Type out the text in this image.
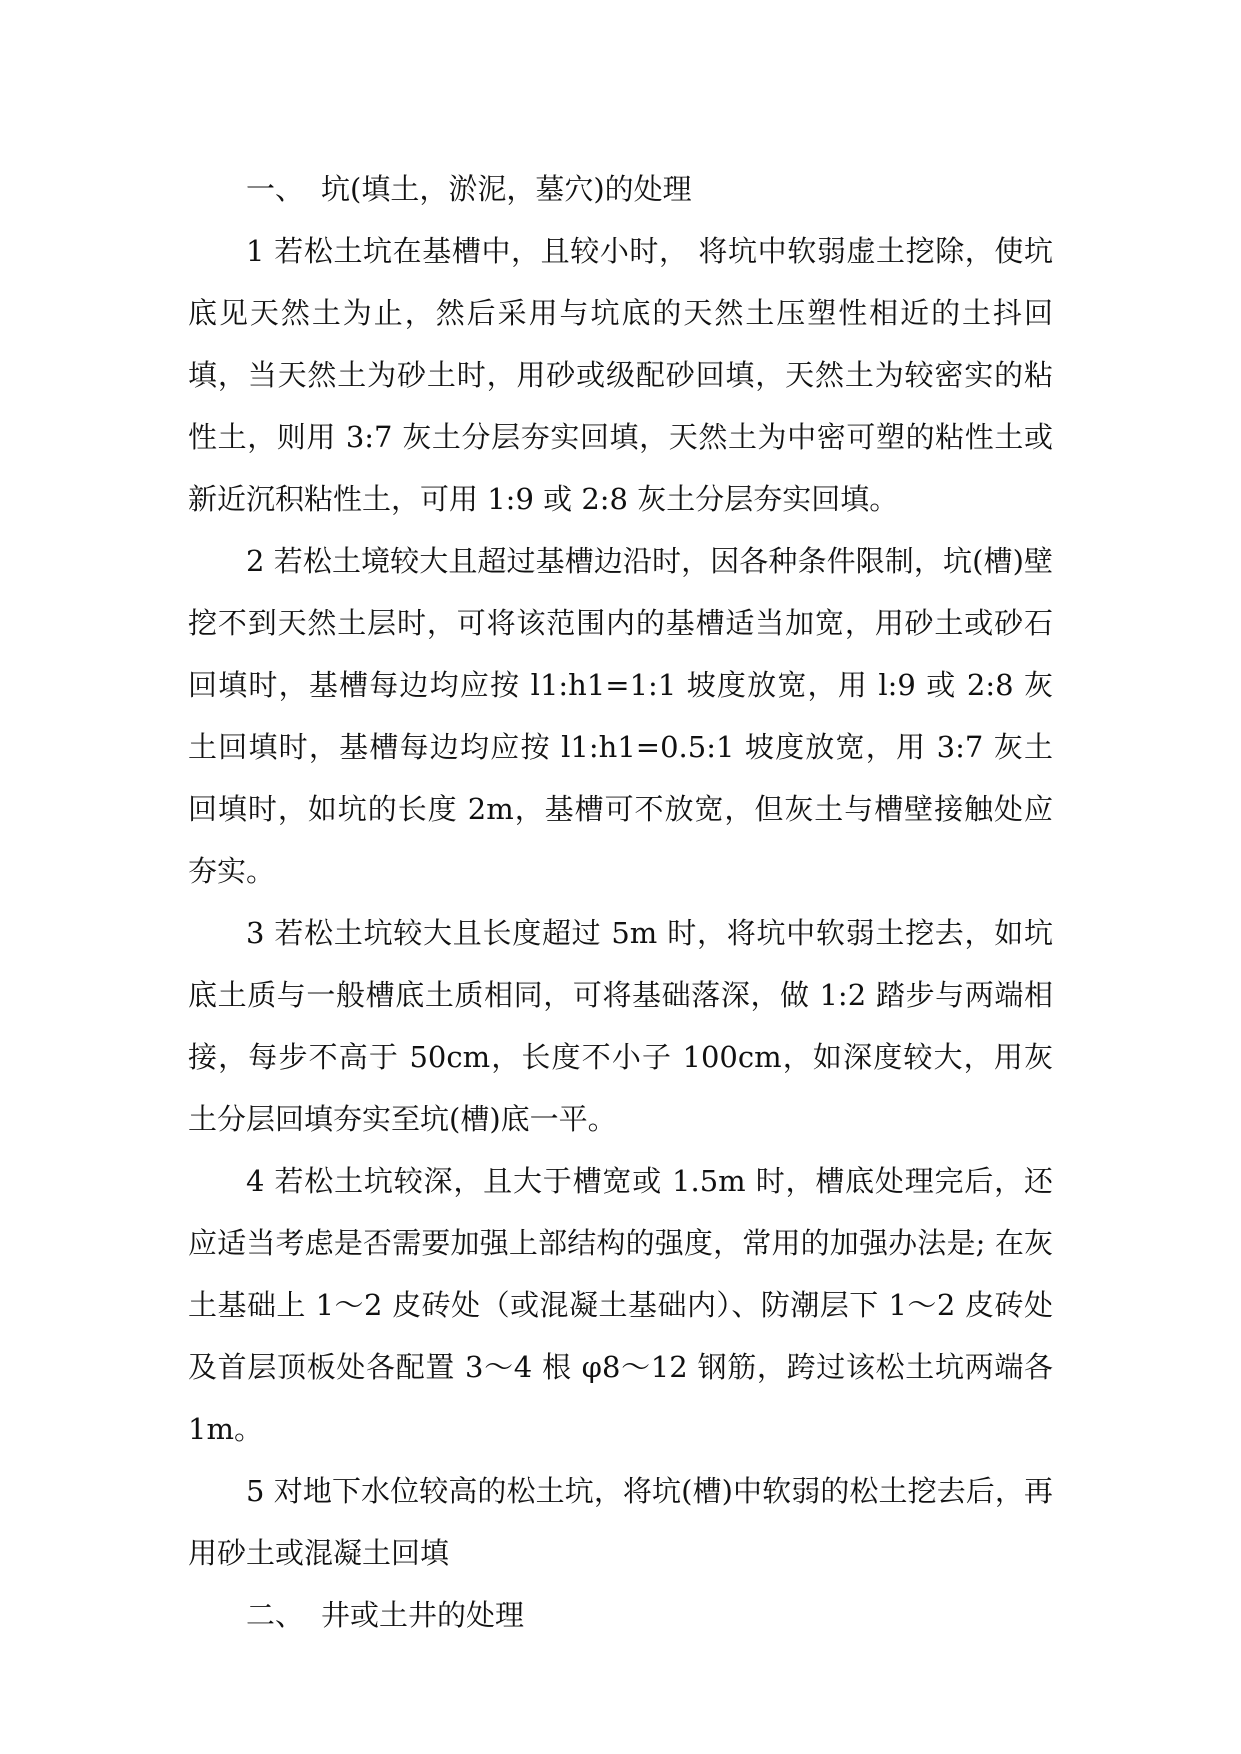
一、 坑(填土，淤泥，墓穴)的处理

1 若松土坑在基槽中，且较小时， 将坑中软弱虚土挖除，使坑底见天然土为止，然后采用与坑底的天然土压塑性相近的土抖回填，当天然土为砂土时，用砂或级配砂回填，天然土为较密实的粘性土，则用 3:7 灰土分层夯实回填，天然土为中密可塑的粘性土或新近沉积粘性土，可用 1:9 或 2:8 灰土分层夯实回填。

2 若松土境较大且超过基槽边沿时，因各种条件限制，坑(槽)壁挖不到天然土层时，可将该范围内的基槽适当加宽，用砂土或砂石回填时，基槽每边均应按 l1:h1=1:1 坡度放宽，用 l:9 或 2:8 灰土回填时，基槽每边均应按 l1:h1=0.5:1 坡度放宽，用 3:7 灰土回填时，如坑的长度 2m，基槽可不放宽，但灰土与槽壁接触处应夯实。

3 若松土坑较大且长度超过 5m 时，将坑中软弱土挖去，如坑底土质与一般槽底土质相同，可将基础落深，做 1:2 踏步与两端相接，每步不高于 50cm，长度不小子 100cm，如深度较大，用灰土分层回填夯实至坑(槽)底一平。

4 若松土坑较深，且大于槽宽或 1.5m 时，槽底处理完后，还应适当考虑是否需要加强上部结构的强度，常用的加强办法是; 在灰土基础上 1～2 皮砖处（或混凝土基础内）、防潮层下 1～2 皮砖处及首层顶板处各配置 3～4 根 φ8～12 钢筋，跨过该松土坑两端各 1m。

5 对地下水位较高的松土坑，将坑(槽)中软弱的松土挖去后，再用砂土或混凝土回填

二、 井或土井的处理
